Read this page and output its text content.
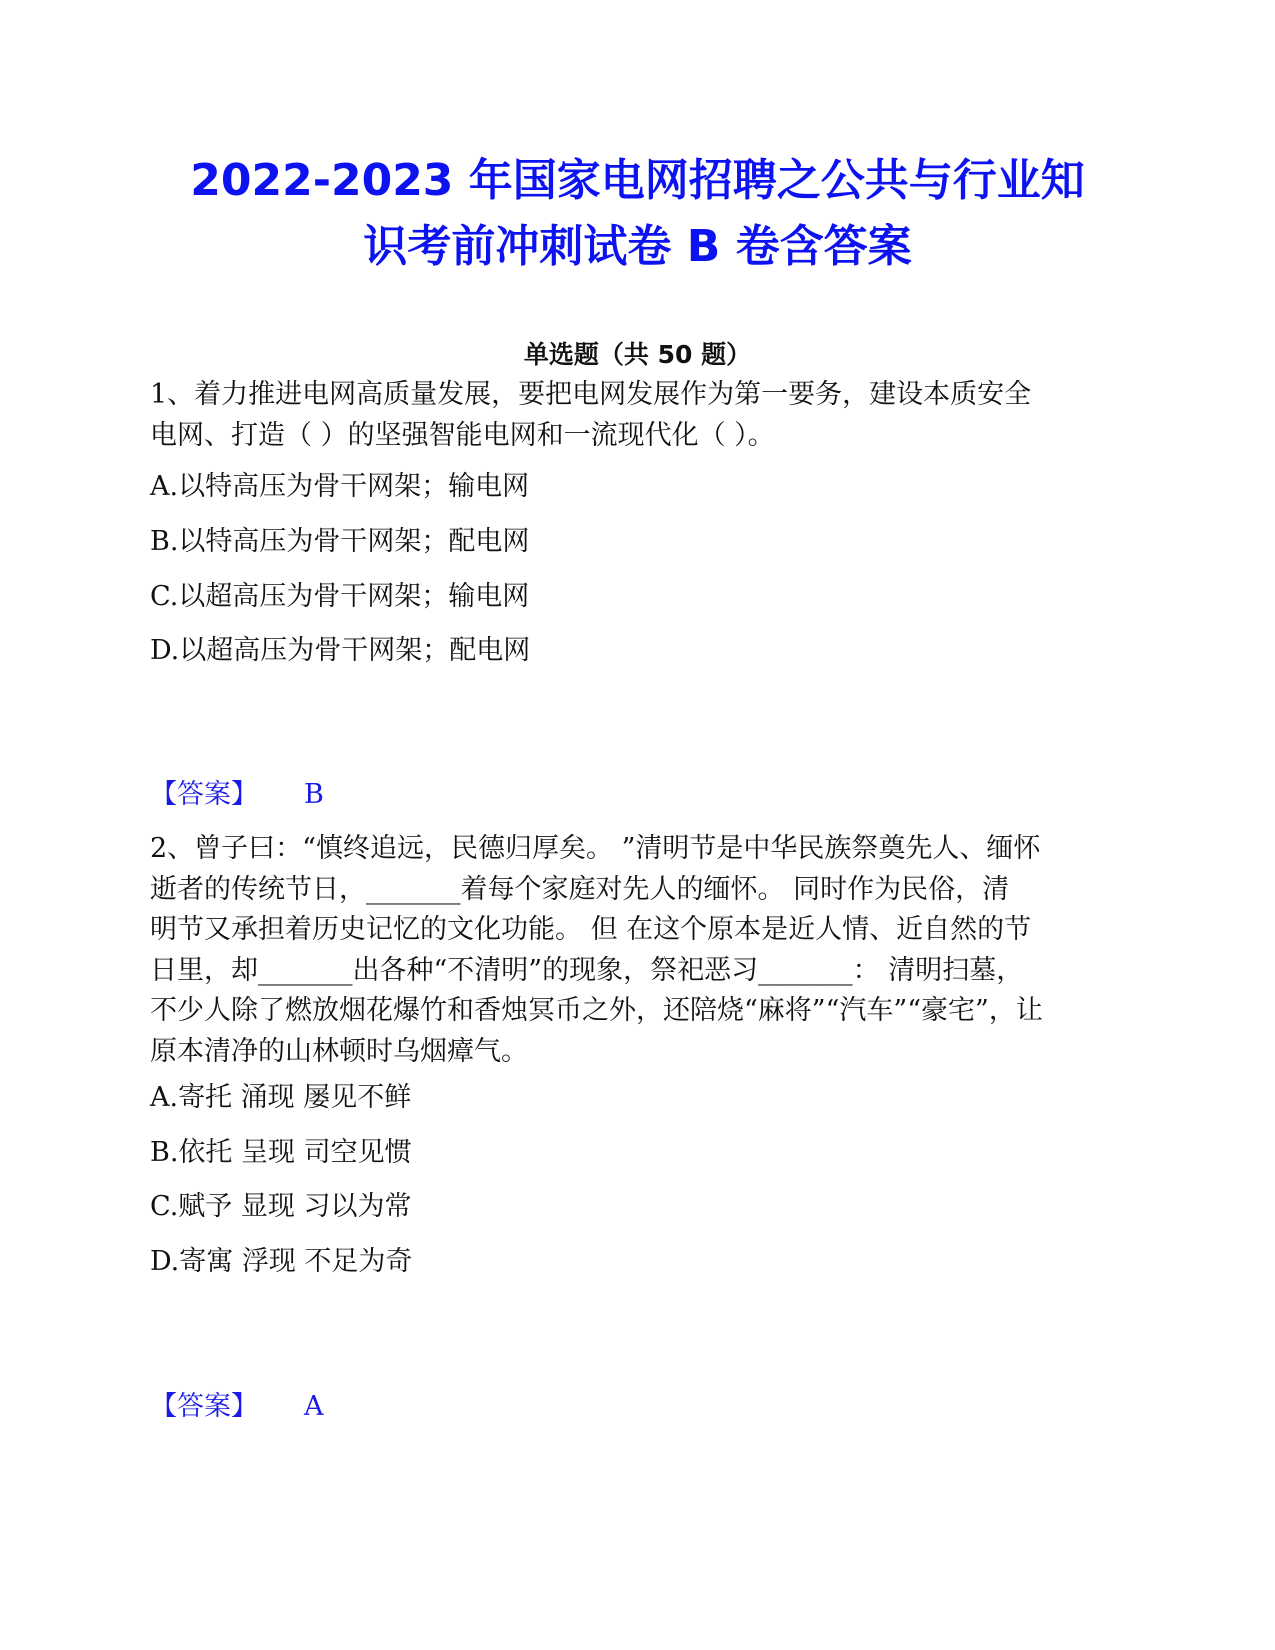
2022-2023 年国家电网招聘之公共与行业知
识考前冲刺试卷 B 卷含答案
单选题（共 50 题）

1、着力推进电网高质量发展，要把电网发展作为第一要务，建设本质安全
电网、打造（ ）的坚强智能电网和一流现代化（ ）。

A.以特高压为骨干网架；输电网

B.以特高压为骨干网架；配电网

C.以超高压为骨干网架；输电网

D.以超高压为骨干网架；配电网

【答案】 B

2、曾子曰：“慎终追远，民德归厚矣。 ”清明节是中华民族祭奠先人、缅怀
逝者的传统节日，_______着每个家庭对先人的缅怀。 同时作为民俗，清
明节又承担着历史记忆的文化功能。 但 在这个原本是近人情、近自然的节
日里，却_______出各种“不清明”的现象，祭祀恶习_______： 清明扫墓，
不少人除了燃放烟花爆竹和香烛冥币之外，还陪烧“麻将”“汽车”“豪宅”，让
原本清净的山林顿时乌烟瘴气。

A.寄托 涌现 屡见不鲜

B.依托 呈现 司空见惯

C.赋予 显现 习以为常

D.寄寓 浮现 不足为奇

【答案】 A
